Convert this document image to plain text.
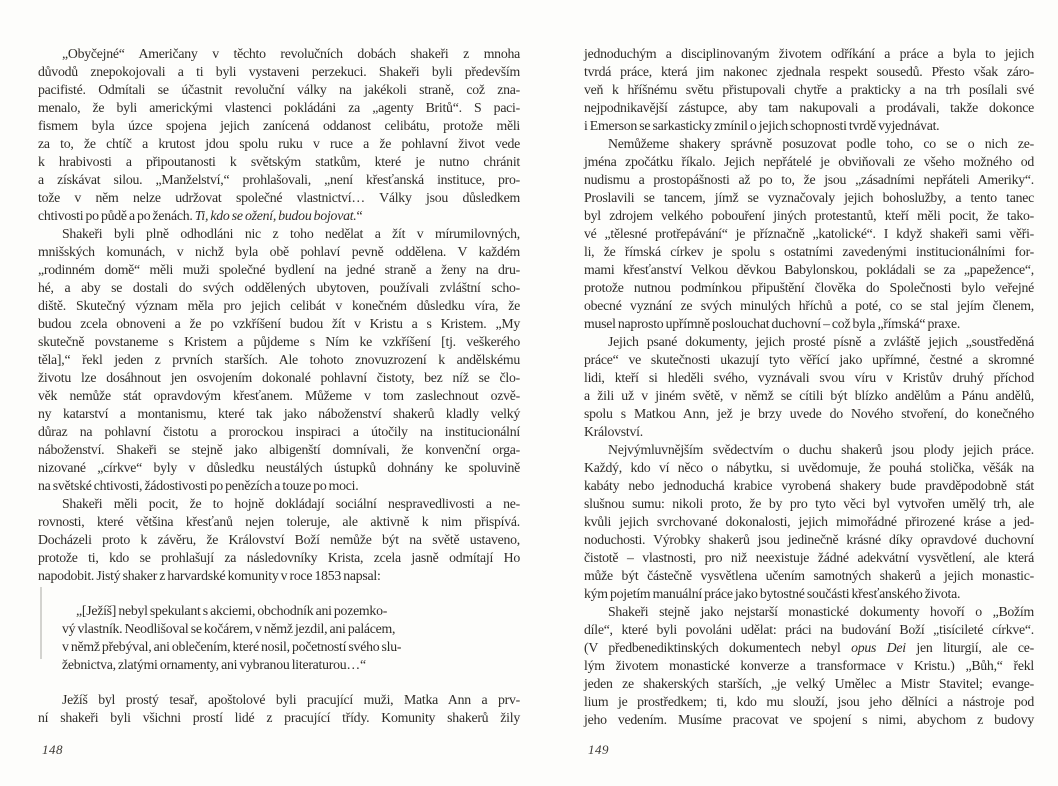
„Obyčejné“ Američany v těchto revolučních dobách shakeři z mnoha
důvodů znepokojovali a ti byli vystaveni perzekuci. Shakeři byli především
pacifisté. Odmítali se účastnit revoluční války na jakékoli straně, což zna-
menalo, že byli americkými vlastenci pokládáni za „agenty Britů“. S paci-
fismem byla úzce spojena jejich zanícená oddanost celibátu, protože měli
za to, že chtíč a krutost jdou spolu ruku v ruce a že pohlavní život vede
k hrabivosti a připoutanosti k světským statkům, které je nutno chránit
a získávat silou. „Manželství,“ prohlašovali, „není křesťanská instituce, pro-
tože v něm nelze udržovat společné vlastnictví… Války jsou důsledkem
chtivosti po půdě a po ženách. Ti, kdo se ožení, budou bojovat.“
Shakeři byli plně odhodláni nic z toho nedělat a žít v mírumilovných,
mnišských komunách, v nichž byla obě pohlaví pevně oddělena. V každém
„rodinném domě“ měli muži společné bydlení na jedné straně a ženy na dru-
hé, a aby se dostali do svých oddělených ubytoven, používali zvláštní scho-
diště. Skutečný význam měla pro jejich celibát v konečném důsledku víra, že
budou zcela obnoveni a že po vzkříšení budou žít v Kristu a s Kristem. „My
skutečně povstaneme s Kristem a půjdeme s Ním ke vzkříšení [tj. veškerého
těla],“ řekl jeden z prvních starších. Ale tohoto znovuzrození k andělskému
životu lze dosáhnout jen osvojením dokonalé pohlavní čistoty, bez níž se člo-
věk nemůže stát opravdovým křesťanem. Můžeme v tom zaslechnout ozvě-
ny katarství a montanismu, které tak jako náboženství shakerů kladly velký
důraz na pohlavní čistotu a prorockou inspiraci a útočily na institucionální
náboženství. Shakeři se stejně jako albigenští domnívali, že konvenční orga-
nizované „církve“ byly v důsledku neustálých ústupků dohnány ke spoluvině
na světské chtivosti, žádostivosti po penězích a touze po moci.
Shakeři měli pocit, že to hojně dokládají sociální nespravedlivosti a ne-
rovnosti, které většina křesťanů nejen toleruje, ale aktivně k nim přispívá.
Docházeli proto k závěru, že Království Boží nemůže být na světě ustaveno,
protože ti, kdo se prohlašují za následovníky Krista, zcela jasně odmítají Ho
napodobit. Jistý shaker z harvardské komunity v roce 1853 napsal:
„[Ježíš] nebyl spekulant s akciemi, obchodník ani pozemko-
vý vlastník. Neodlišoval se kočárem, v němž jezdil, ani palácem,
v němž přebýval, ani oblečením, které nosil, početností svého slu-
žebnictva, zlatými ornamenty, ani vybranou literaturou…“
Ježíš byl prostý tesař, apoštolové byli pracující muži, Matka Ann a prv-
ní shakeři byli všichni prostí lidé z pracující třídy. Komunity shakerů žily
148
jednoduchým a disciplinovaným životem odříkání a práce a byla to jejich
tvrdá práce, která jim nakonec zjednala respekt sousedů. Přesto však záro-
veň k hříšnému světu přistupovali chytře a prakticky a na trh posílali své
nejpodnikavější zástupce, aby tam nakupovali a prodávali, takže dokonce
i Emerson se sarkasticky zmínil o jejich schopnosti tvrdě vyjednávat.
Nemůžeme shakery správně posuzovat podle toho, co se o nich ze-
jména zpočátku říkalo. Jejich nepřátelé je obviňovali ze všeho možného od
nudismu a prostopášnosti až po to, že jsou „zásadními nepřáteli Ameriky“.
Proslavili se tancem, jímž se vyznačovaly jejich bohoslužby, a tento tanec
byl zdrojem velkého pobouření jiných protestantů, kteří měli pocit, že tako-
vé „tělesné protřepávání“ je příznačně „katolické“. I když shakeři sami věři-
li, že římská církev je spolu s ostatními zavedenými institucionálními for-
mami křesťanství Velkou děvkou Babylonskou, pokládali se za „papežence“,
protože nutnou podmínkou připuštění člověka do Společnosti bylo veřejné
obecné vyznání ze svých minulých hříchů a poté, co se stal jejím členem,
musel naprosto upřímně poslouchat duchovní – což byla „římská“ praxe.
Jejich psané dokumenty, jejich prosté písně a zvláště jejich „soustředěná
práce“ ve skutečnosti ukazují tyto věřící jako upřímné, čestné a skromné
lidi, kteří si hleděli svého, vyznávali svou víru v Kristův druhý příchod
a žili už v jiném světě, v němž se cítili být blízko andělům a Pánu andělů,
spolu s Matkou Ann, jež je brzy uvede do Nového stvoření, do konečného
Království.
Nejvýmluvnějším svědectvím o duchu shakerů jsou plody jejich práce.
Každý, kdo ví něco o nábytku, si uvědomuje, že pouhá stolička, věšák na
kabáty nebo jednoduchá krabice vyrobená shakery bude pravděpodobně stát
slušnou sumu: nikoli proto, že by pro tyto věci byl vytvořen umělý trh, ale
kvůli jejich svrchované dokonalosti, jejich mimořádné přirozené kráse a jed-
noduchosti. Výrobky shakerů jsou jedinečně krásné díky opravdové duchovní
čistotě – vlastnosti, pro niž neexistuje žádné adekvátní vysvětlení, ale která
může být částečně vysvětlena učením samotných shakerů a jejich monastic-
kým pojetím manuální práce jako bytostné součásti křesťanského života.
Shakeři stejně jako nejstarší monastické dokumenty hovoří o „Božím
díle“, které byli povoláni udělat: práci na budování Boží „tisícileté církve“.
(V předbenediktinských dokumentech nebyl opus Dei jen liturgií, ale ce-
lým životem monastické konverze a transformace v Kristu.) „Bůh,“ řekl
jeden ze shakerských starších, „je velký Umělec a Mistr Stavitel; evange-
lium je prostředkem; ti, kdo mu slouží, jsou jeho dělníci a nástroje pod
jeho vedením. Musíme pracovat ve spojení s nimi, abychom z budovy
149
